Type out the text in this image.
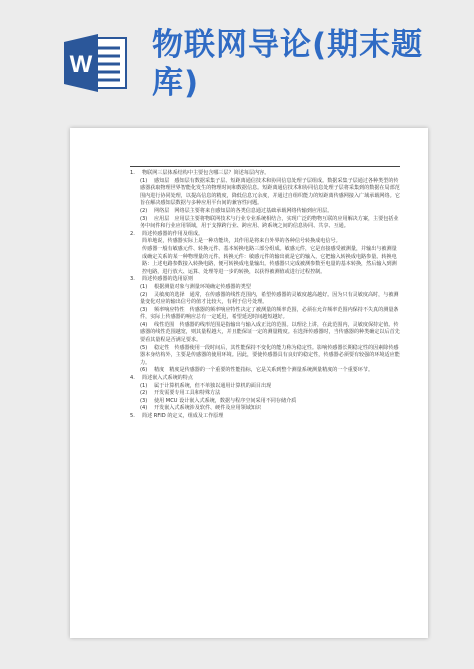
W
物联网导论(期末题库)
1. 物联网三层体系结构中主要包含哪三层？简述每层内容。
(1) 感知层　感知层有数据采集子层、短距离通信技术和协同信息处理子层组成。数据采集子层通过各种类型的传感器获取物理世界智能化发生的物理时间和数据信息。短距离通信技术和协同信息处理子层将采集到的数据在局部范围内进行协同处理，以提高信息的精度，降低信息冗余度，并通过自组织能力的短距离传感网接入广域承载网络。它旨在解决感知层数据与多种应用平台间的兼容性问题。
(2) 网络层　网络层主要将来自感知层的各类信息通过基础承载网络传输到应用层。
(3) 应用层　应用层主要将物联网技术与行业专业系统相结合，实现广泛的物物互联的应用解决方案，主要包括业务中间件和行业应用领域，用于支撑跨行业、跨应用、跨系统之间的信息协同、共享、互通。
2. 简述传感器的作用及组成。
简单地说，传感器实际上是一种功能块，其作用是将来自外界的各种信号转换成电信号。
传感器一般有敏感元件、转换元件、基本转换电路三部分组成。敏感元件，它是直接感受被测量，并输出与被测量成确定关系的某一种物理量的元件。转换元件：敏感元件的输出就是它的输入，它把输入转换成电路参量。转换电路：上述电路参数接入转换电路，便可转换成电量输出。传感器只完成被测参数至电量的基本转换，然后输入到测控电路，进行放大、运算、处理等进一步的转换，以获得被测值或进行过程控制。
3. 简述传感器的选用原则
(1) 根据测量对象与测量环境确定传感器的类型
(2) 灵敏度的选择　通常，在传感器的线性范围内，希望传感器的灵敏度越高越好。因为只有灵敏度高时，与被测量变化对应的输出信号的值才比较大，有利于信号处理。
(3) 频率响应特性　传感器的频率响应特性决定了被测量的频率范围，必须在允许频率范围内保持不失真的测量条件，实际上传感器的响应总有一定延迟，希望延迟时间越短越好。
(4) 线性范围　传感器的线形范围是指输出与输入成正比的范围。以理论上讲，在此范围内，灵敏度保持定值。传感器的线性范围越宽，则其量程越大，并且能保证一定的测量精度。在选择传感器时，当传感器的种类确定以后首先要看其量程是否满足要求。
(5) 稳定性　传感器使用一段时间后，其性能保持不变化的能力称为稳定性。影响传感器长期稳定性的因素除传感器本身结构外，主要是传感器的使用环境。因此，要使传感器具有良好的稳定性，传感器必须要有较强的环境适应能力。
(6) 精度　精度是传感器的一个重要的性能指标，它是关系到整个测量系统测量精度的一个重要环节。
4. 简述嵌入式系统的特点
(1) 属于计算机系统，但不单独以通用计算机的面目出现
(2) 开发需要专用工具和特殊方法
(3) 使用 MCU 设计嵌入式系统，数据与程序空间采用不同存储介质
(4) 开发嵌入式系统涉及软件、硬件及应用领域知识
5. 简述 RFID 的定义，组成及工作原理
